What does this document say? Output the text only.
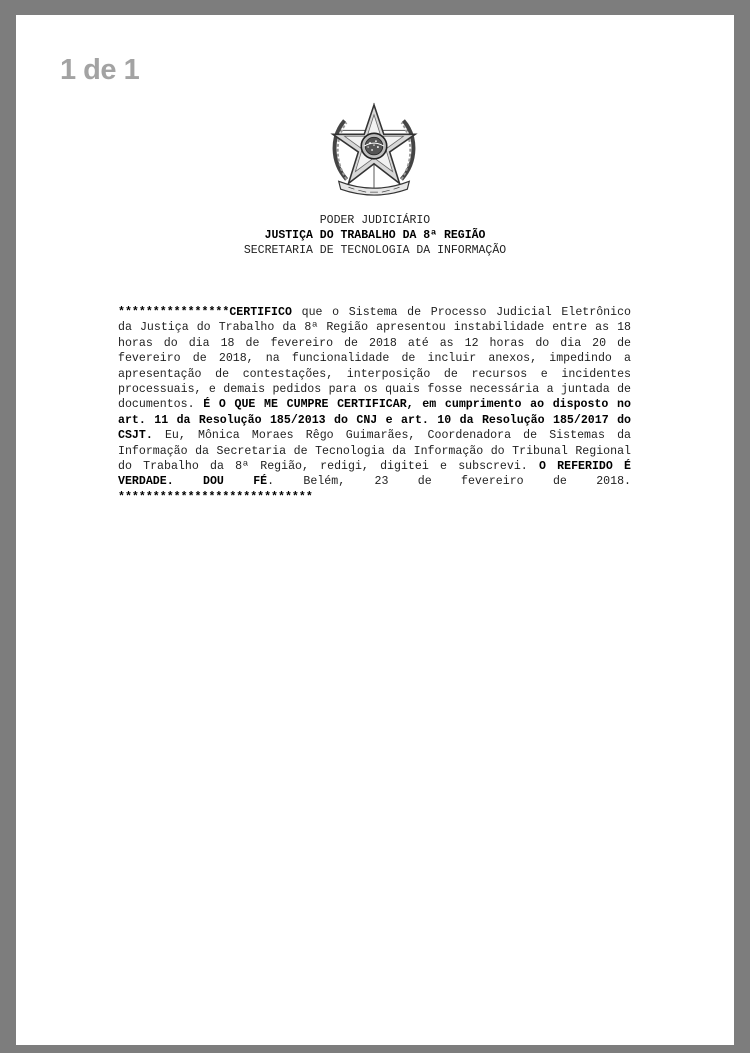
1 de 1
PODER JUDICIÁRIO
JUSTIÇA DO TRABALHO DA 8ª REGIÃO
SECRETARIA DE TECNOLOGIA DA INFORMAÇÃO
****************CERTIFICO que o Sistema de Processo Judicial Eletrônico da Justiça do Trabalho da 8ª Região apresentou instabilidade entre as 18 horas do dia 18 de fevereiro de 2018 até as 12 horas do dia 20 de fevereiro de 2018, na funcionalidade de incluir anexos, impedindo a apresentação de contestações, interposição de recursos e incidentes processuais, e demais pedidos para os quais fosse necessária a juntada de documentos. É O QUE ME CUMPRE CERTIFICAR, em cumprimento ao disposto no art. 11 da Resolução 185/2013 do CNJ e art. 10 da Resolução 185/2017 do CSJT. Eu, Mônica Moraes Rêgo Guimarães, Coordenadora de Sistemas da Informação da Secretaria de Tecnologia da Informação do Tribunal Regional do Trabalho da 8ª Região, redigi, digitei e subscrevi. O REFERIDO É VERDADE. DOU FÉ. Belém, 23 de fevereiro de 2018. ****************************
